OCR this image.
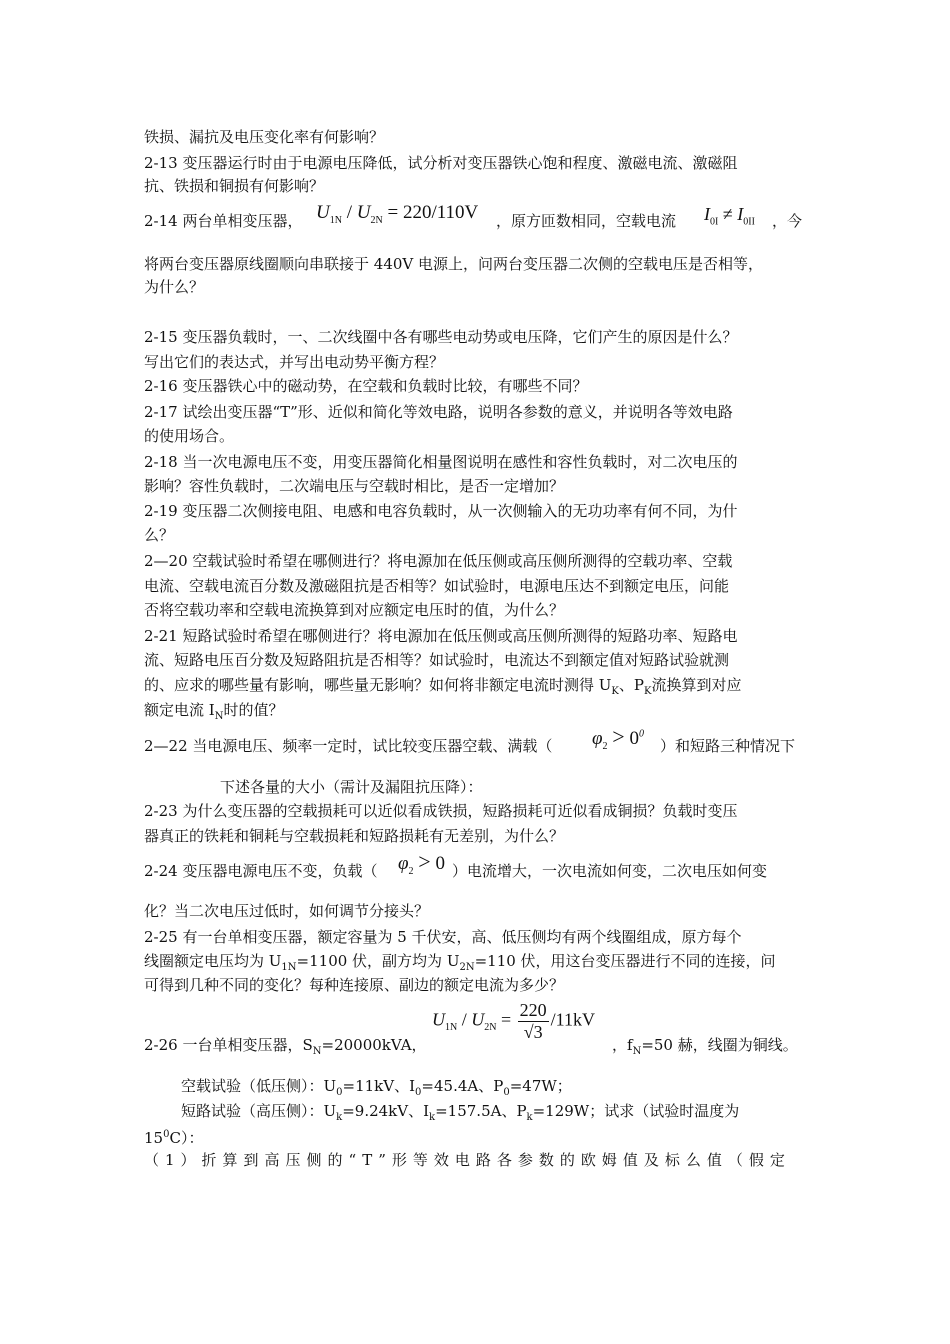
铁损、漏抗及电压变化率有何影响？
2-13 变压器运行时由于电源电压降低，试分析对变压器铁心饱和程度、激磁电流、激磁阻
抗、铁损和铜损有何影响？
2-14 两台单相变压器， $U_{1N} / U_{2N} = 220/110V$ ，原方匝数相同，空载电流 $I_{0I} \ne I_{0II}$ ，今
将两台变压器原线圈顺向串联接于 440V 电源上，问两台变压器二次侧的空载电压是否相等，
为什么？
2-15 变压器负载时，一、二次线圈中各有哪些电动势或电压降，它们产生的原因是什么？
写出它们的表达式，并写出电动势平衡方程？
2-16 变压器铁心中的磁动势，在空载和负载时比较，有哪些不同？
2-17 试绘出变压器“T”形、近似和简化等效电路，说明各参数的意义，并说明各等效电路
的使用场合。
2-18 当一次电源电压不变，用变压器简化相量图说明在感性和容性负载时，对二次电压的
影响？容性负载时，二次端电压与空载时相比，是否一定增加？
2-19 变压器二次侧接电阻、电感和电容负载时，从一次侧输入的无功功率有何不同，为什
么？
2—20 空载试验时希望在哪侧进行？将电源加在低压侧或高压侧所测得的空载功率、空载
电流、空载电流百分数及激磁阻抗是否相等？如试验时，电源电压达不到额定电压，问能
否将空载功率和空载电流换算到对应额定电压时的值，为什么？
2-21 短路试验时希望在哪侧进行？将电源加在低压侧或高压侧所测得的短路功率、短路电
流、短路电压百分数及短路阻抗是否相等？如试验时，电流达不到额定值对短路试验就测
的、应求的哪些量有影响，哪些量无影响？如何将非额定电流时测得 $U_K$、$P_K$流换算到对应
额定电流 $I_N$时的值？
2—22 当电源电压、频率一定时，试比较变压器空载、满载（	$\varphi_2 > 0^0$
）和短路三种情况下
下述各量的大小（需计及漏阻抗压降）：
2-23 为什么变压器的空载损耗可以近似看成铁损，短路损耗可近似看成铜损？负载时变压
器真正的铁耗和铜耗与空载损耗和短路损耗有无差别，为什么？
2-24 变压器电源电压不变，负载（	$\varphi_2 > 0$ ）电流增大，一次电流如何变，二次电压如何变
化？当二次电压过低时，如何调节分接头？
2-25 有一台单相变压器，额定容量为 5 千伏安，高、低压侧均有两个线圈组成，原方每个
线圈额定电压均为 $U_{1N}=1100$ 伏，副方均为 $U_{2N}=110$ 伏，用这台变压器进行不同的连接，问
可得到几种不同的变化？每种连接原、副边的额定电流为多少？
2-26 一台单相变压器，$S_N=20000kVA$，
$U_{1N} / U_{2N} = \frac{220}{√3} /11kV$
，$f_N=50$ 赫，线圈为铜线。
空载试验（低压侧）：$U_0=11kV$、$I_0=45.4A$、$P_0=47W$；
短路试验（高压侧）：$U_k=9.24kV$、$I_k=157.5A$、$P_k=129W$；试求（试验时温度为
$15^0C$）：
（1）折算到高压侧的“T”形等效电路各参数的欧姆值及标么值（假定
